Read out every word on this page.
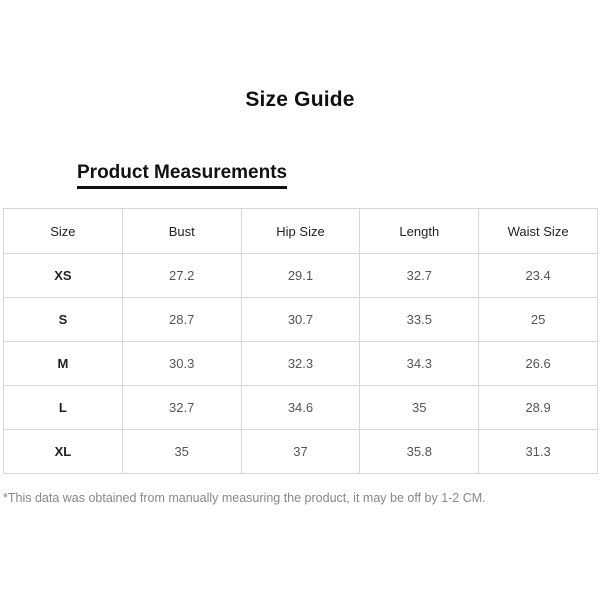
Size Guide
Product Measurements
Size	Bust	Hip Size	Length	Waist Size
XS	27.2	29.1	32.7	23.4
S	28.7	30.7	33.5	25
M	30.3	32.3	34.3	26.6
L	32.7	34.6	35	28.9
XL	35	37	35.8	31.3
*This data was obtained from manually measuring the product, it may be off by 1-2 CM.
